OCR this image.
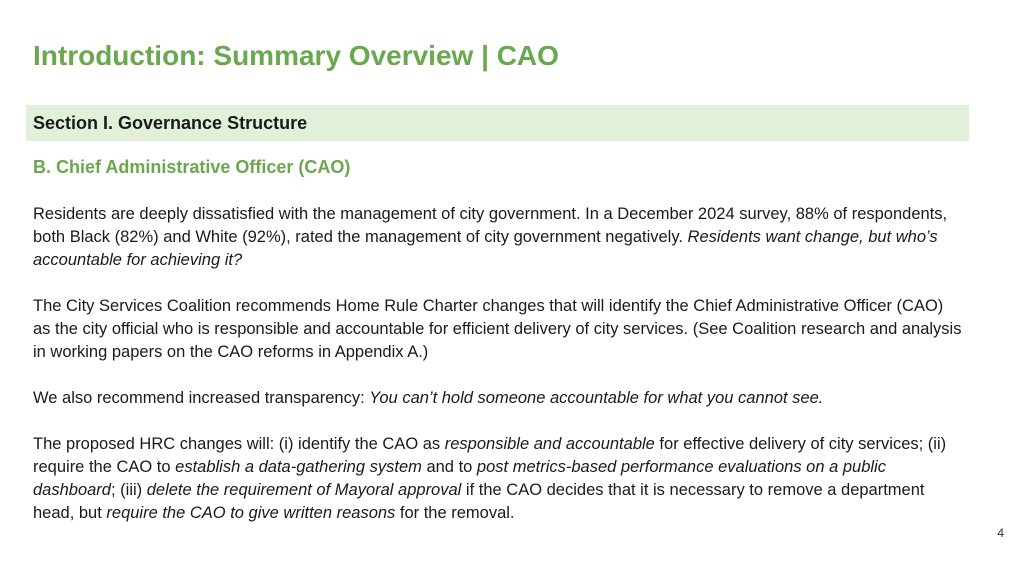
Introduction: Summary Overview | CAO
Section I. Governance Structure
B. Chief Administrative Officer (CAO)

Residents are deeply dissatisfied with the management of city government. In a December 2024 survey, 88% of respondents, both Black (82%) and White (92%), rated the management of city government negatively. Residents want change, but who’s accountable for achieving it?

The City Services Coalition recommends Home Rule Charter changes that will identify the Chief Administrative Officer (CAO) as the city official who is responsible and accountable for efficient delivery of city services. (See Coalition research and analysis in working papers on the CAO reforms in Appendix A.)

We also recommend increased transparency: You can’t hold someone accountable for what you cannot see.

The proposed HRC changes will: (i) identify the CAO as responsible and accountable for effective delivery of city services; (ii) require the CAO to establish a data-gathering system and to post metrics-based performance evaluations on a public dashboard; (iii) delete the requirement of Mayoral approval if the CAO decides that it is necessary to remove a department head, but require the CAO to give written reasons for the removal.

4
